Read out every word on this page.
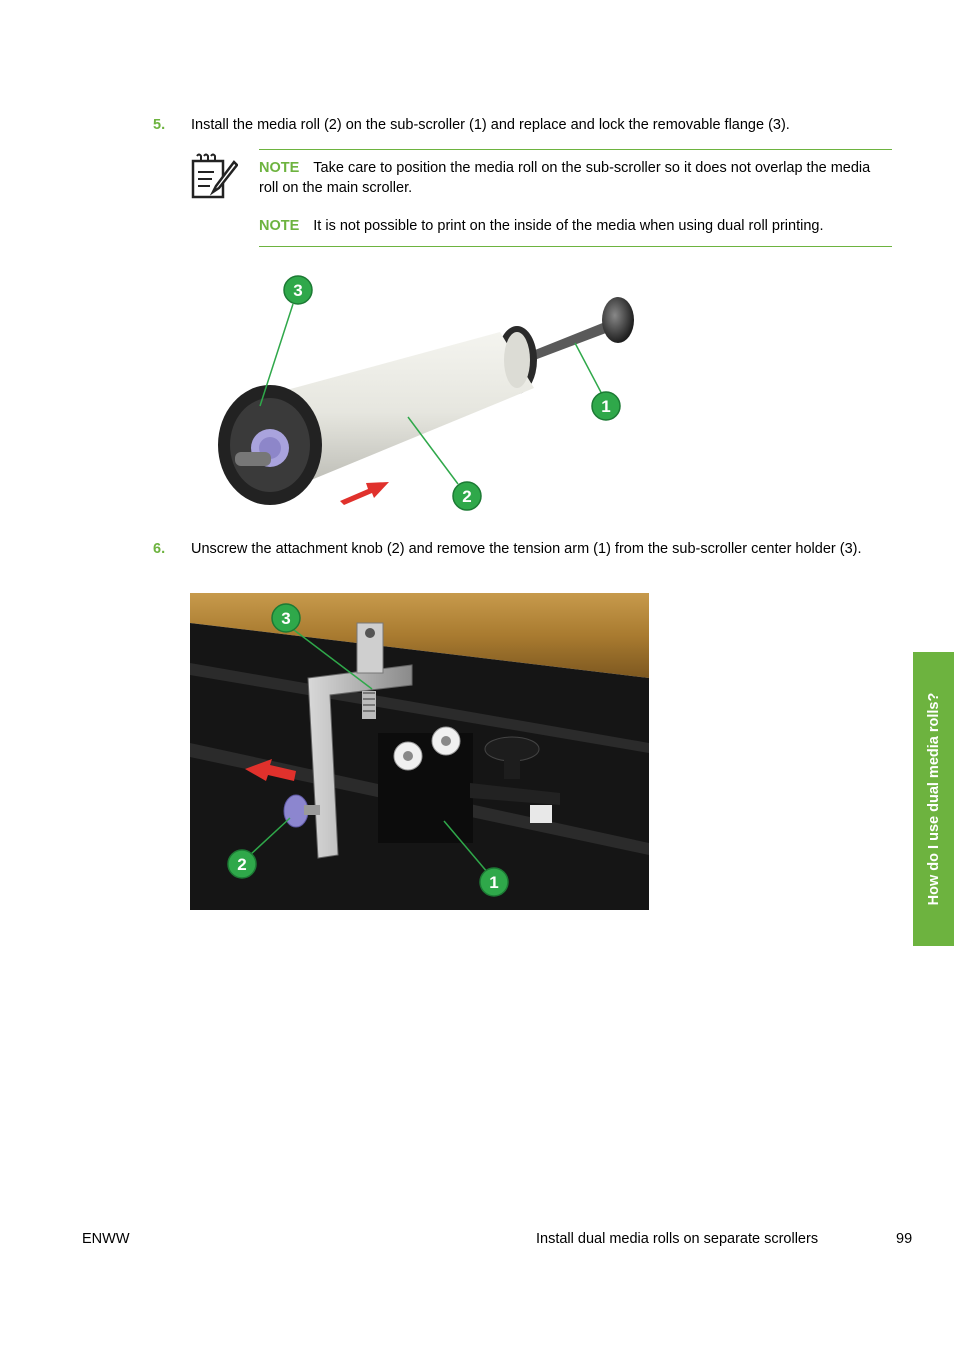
5. Install the media roll (2) on the sub-scroller (1) and replace and lock the removable flange (3).
NOTE Take care to position the media roll on the sub-scroller so it does not overlap the media roll on the main scroller.
NOTE It is not possible to print on the inside of the media when using dual roll printing.
3
1
2
6. Unscrew the attachment knob (2) and remove the tension arm (1) from the sub-scroller center holder (3).
3
2
1	How do I use dual media rolls?
ENWW	Install dual media rolls on separate scrollers	99
